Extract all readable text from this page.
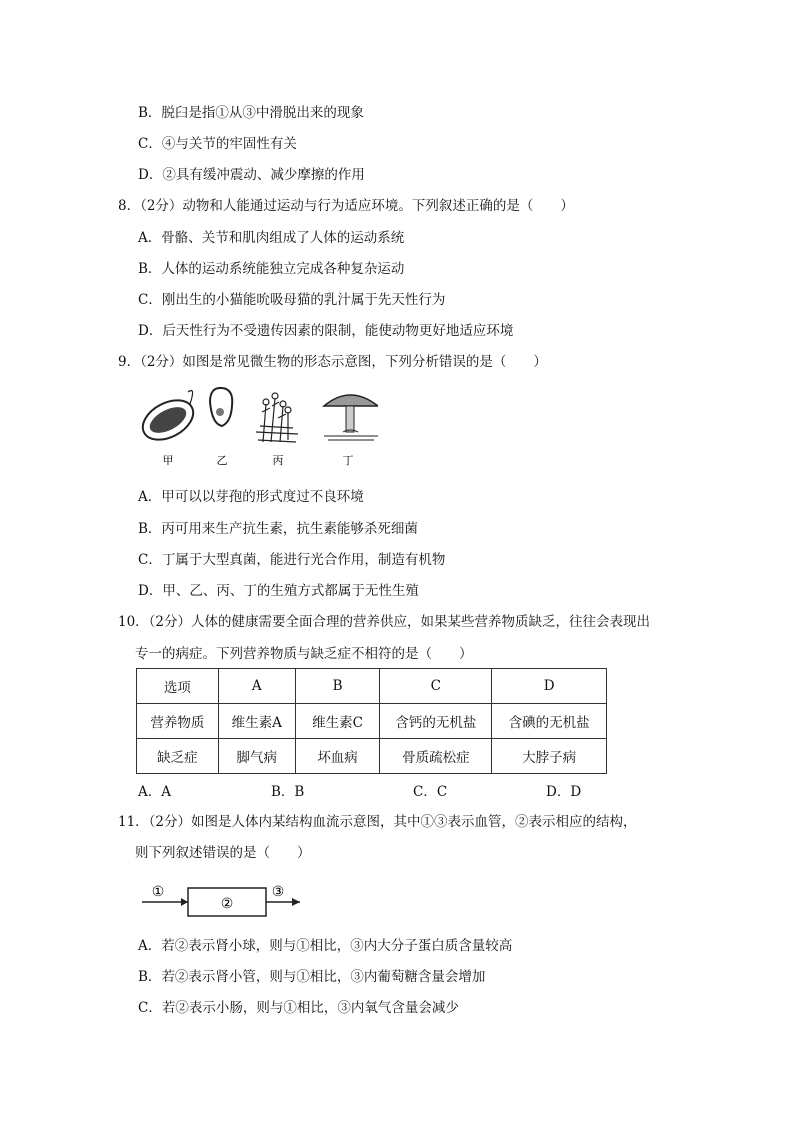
B．脱臼是指①从③中滑脱出来的现象
C．④与关节的牢固性有关
D．②具有缓冲震动、减少摩擦的作用
8．（2分）动物和人能通过运动与行为适应环境。下列叙述正确的是（　　）
A．骨骼、关节和肌肉组成了人体的运动系统
B．人体的运动系统能独立完成各种复杂运动
C．刚出生的小猫能吮吸母猫的乳汁属于先天性行为
D．后天性行为不受遗传因素的限制，能使动物更好地适应环境
9．（2分）如图是常见微生物的形态示意图，下列分析错误的是（　　）
甲	乙	丙	丁
A．甲可以以芽孢的形式度过不良环境
B．丙可用来生产抗生素，抗生素能够杀死细菌
C．丁属于大型真菌，能进行光合作用，制造有机物
D．甲、乙、丙、丁的生殖方式都属于无性生殖
10．（2分）人体的健康需要全面合理的营养供应，如果某些营养物质缺乏，往往会表现出
专一的病症。下列营养物质与缺乏症不相符的是（　　）
选项	A	B	C	D
营养物质	维生素A	维生素C	含钙的无机盐	含碘的无机盐
缺乏症	脚气病	坏血病	骨质疏松症	大脖子病
A．A	B．B	C．C	D．D
11．（2分）如图是人体内某结构血流示意图，其中①③表示血管，②表示相应的结构，
则下列叙述错误的是（　　）
①
②
③
A．若②表示肾小球，则与①相比，③内大分子蛋白质含量较高
B．若②表示肾小管，则与①相比，③内葡萄糖含量会增加
C．若②表示小肠，则与①相比，③内氧气含量会减少
